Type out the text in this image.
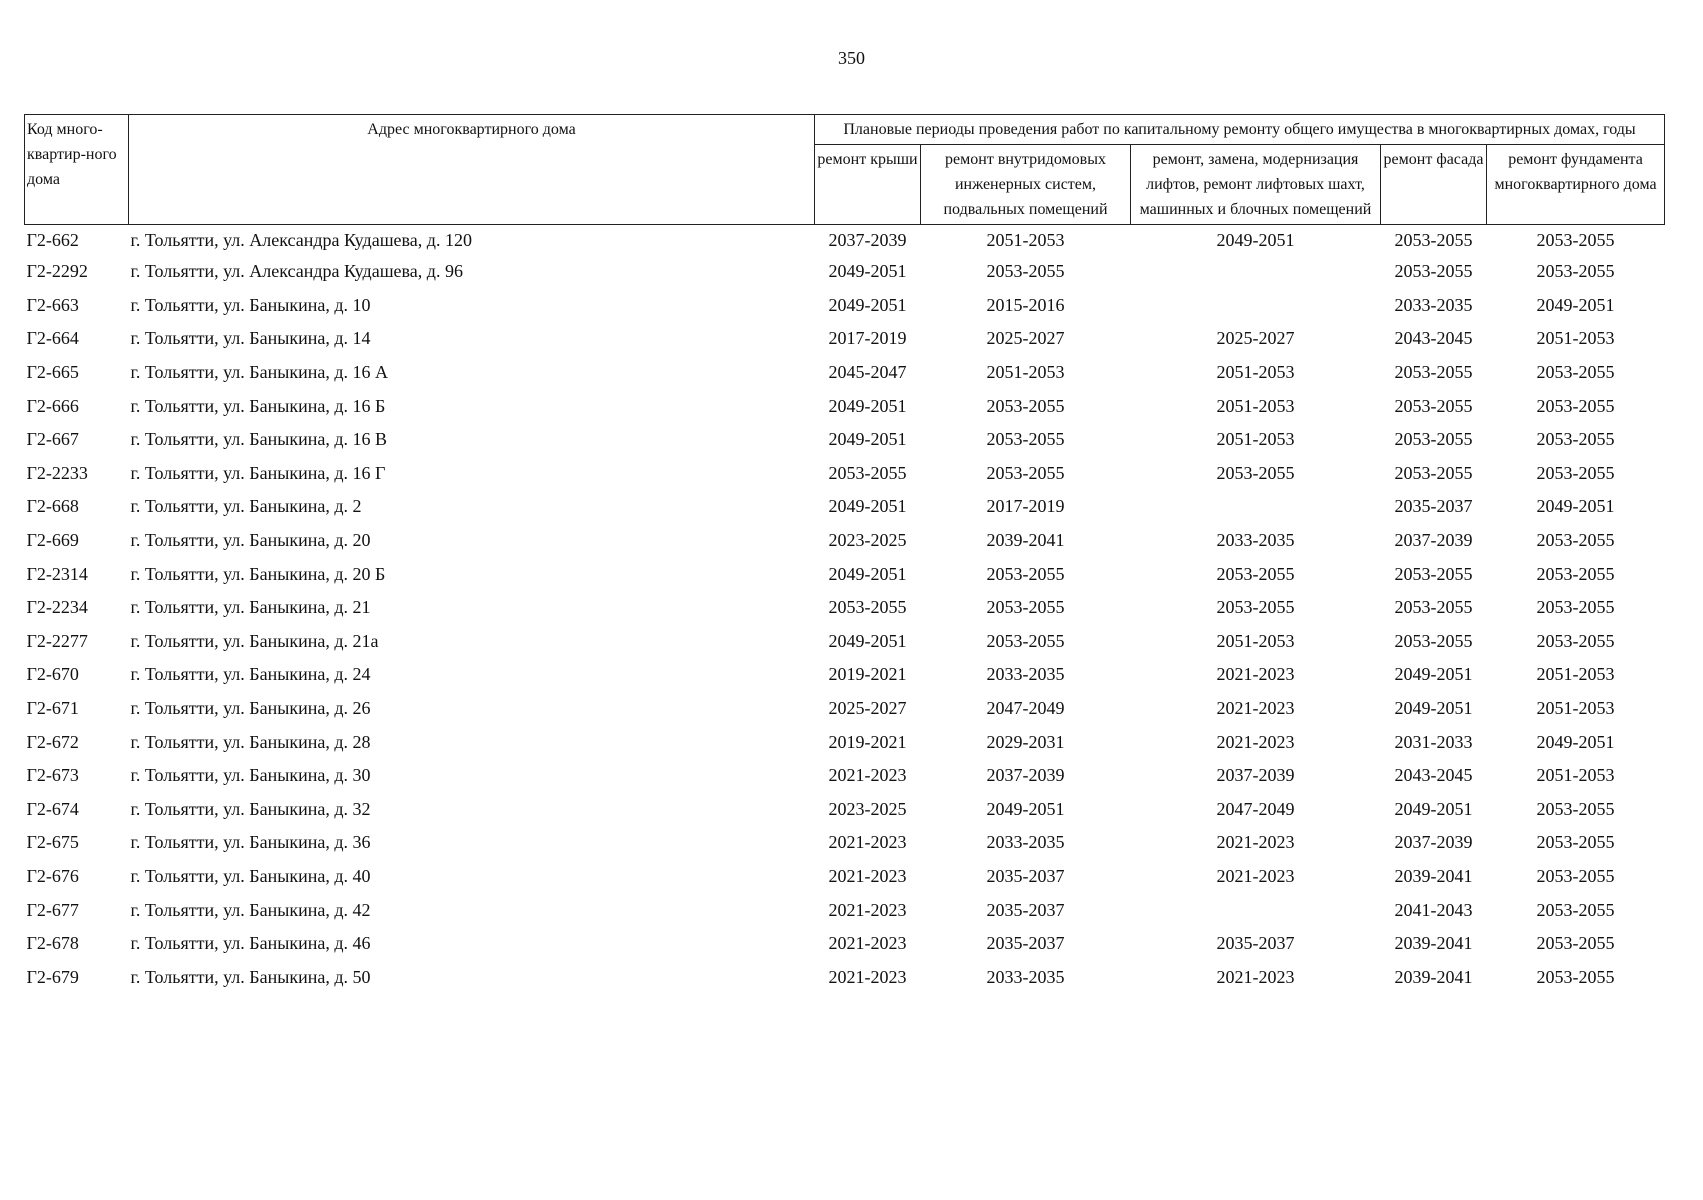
350
Код много-квартир-ного дома	Адрес многоквартирного дома	Плановые периоды проведения работ по капитальному ремонту общего имущества в многоквартирных домах, годы				
		ремонт крыши	ремонт внутридомовых инженерных систем, подвальных помещений	ремонт, замена, модернизация лифтов, ремонт лифтовых шахт, машинных и блочных помещений	ремонт фасада	ремонт фундамента многоквартирного дома
Г2-662	г. Тольятти, ул. Александра Кудашева, д. 120	2037-2039	2051-2053	2049-2051	2053-2055	2053-2055
Г2-2292	г. Тольятти, ул. Александра Кудашева, д. 96	2049-2051	2053-2055		2053-2055	2053-2055
Г2-663	г. Тольятти, ул. Баныкина, д. 10	2049-2051	2015-2016		2033-2035	2049-2051
Г2-664	г. Тольятти, ул. Баныкина, д. 14	2017-2019	2025-2027	2025-2027	2043-2045	2051-2053
Г2-665	г. Тольятти, ул. Баныкина, д. 16 А	2045-2047	2051-2053	2051-2053	2053-2055	2053-2055
Г2-666	г. Тольятти, ул. Баныкина, д. 16 Б	2049-2051	2053-2055	2051-2053	2053-2055	2053-2055
Г2-667	г. Тольятти, ул. Баныкина, д. 16 В	2049-2051	2053-2055	2051-2053	2053-2055	2053-2055
Г2-2233	г. Тольятти, ул. Баныкина, д. 16 Г	2053-2055	2053-2055	2053-2055	2053-2055	2053-2055
Г2-668	г. Тольятти, ул. Баныкина, д. 2	2049-2051	2017-2019		2035-2037	2049-2051
Г2-669	г. Тольятти, ул. Баныкина, д. 20	2023-2025	2039-2041	2033-2035	2037-2039	2053-2055
Г2-2314	г. Тольятти, ул. Баныкина, д. 20 Б	2049-2051	2053-2055	2053-2055	2053-2055	2053-2055
Г2-2234	г. Тольятти, ул. Баныкина, д. 21	2053-2055	2053-2055	2053-2055	2053-2055	2053-2055
Г2-2277	г. Тольятти, ул. Баныкина, д. 21а	2049-2051	2053-2055	2051-2053	2053-2055	2053-2055
Г2-670	г. Тольятти, ул. Баныкина, д. 24	2019-2021	2033-2035	2021-2023	2049-2051	2051-2053
Г2-671	г. Тольятти, ул. Баныкина, д. 26	2025-2027	2047-2049	2021-2023	2049-2051	2051-2053
Г2-672	г. Тольятти, ул. Баныкина, д. 28	2019-2021	2029-2031	2021-2023	2031-2033	2049-2051
Г2-673	г. Тольятти, ул. Баныкина, д. 30	2021-2023	2037-2039	2037-2039	2043-2045	2051-2053
Г2-674	г. Тольятти, ул. Баныкина, д. 32	2023-2025	2049-2051	2047-2049	2049-2051	2053-2055
Г2-675	г. Тольятти, ул. Баныкина, д. 36	2021-2023	2033-2035	2021-2023	2037-2039	2053-2055
Г2-676	г. Тольятти, ул. Баныкина, д. 40	2021-2023	2035-2037	2021-2023	2039-2041	2053-2055
Г2-677	г. Тольятти, ул. Баныкина, д. 42	2021-2023	2035-2037		2041-2043	2053-2055
Г2-678	г. Тольятти, ул. Баныкина, д. 46	2021-2023	2035-2037	2035-2037	2039-2041	2053-2055
Г2-679	г. Тольятти, ул. Баныкина, д. 50	2021-2023	2033-2035	2021-2023	2039-2041	2053-2055
